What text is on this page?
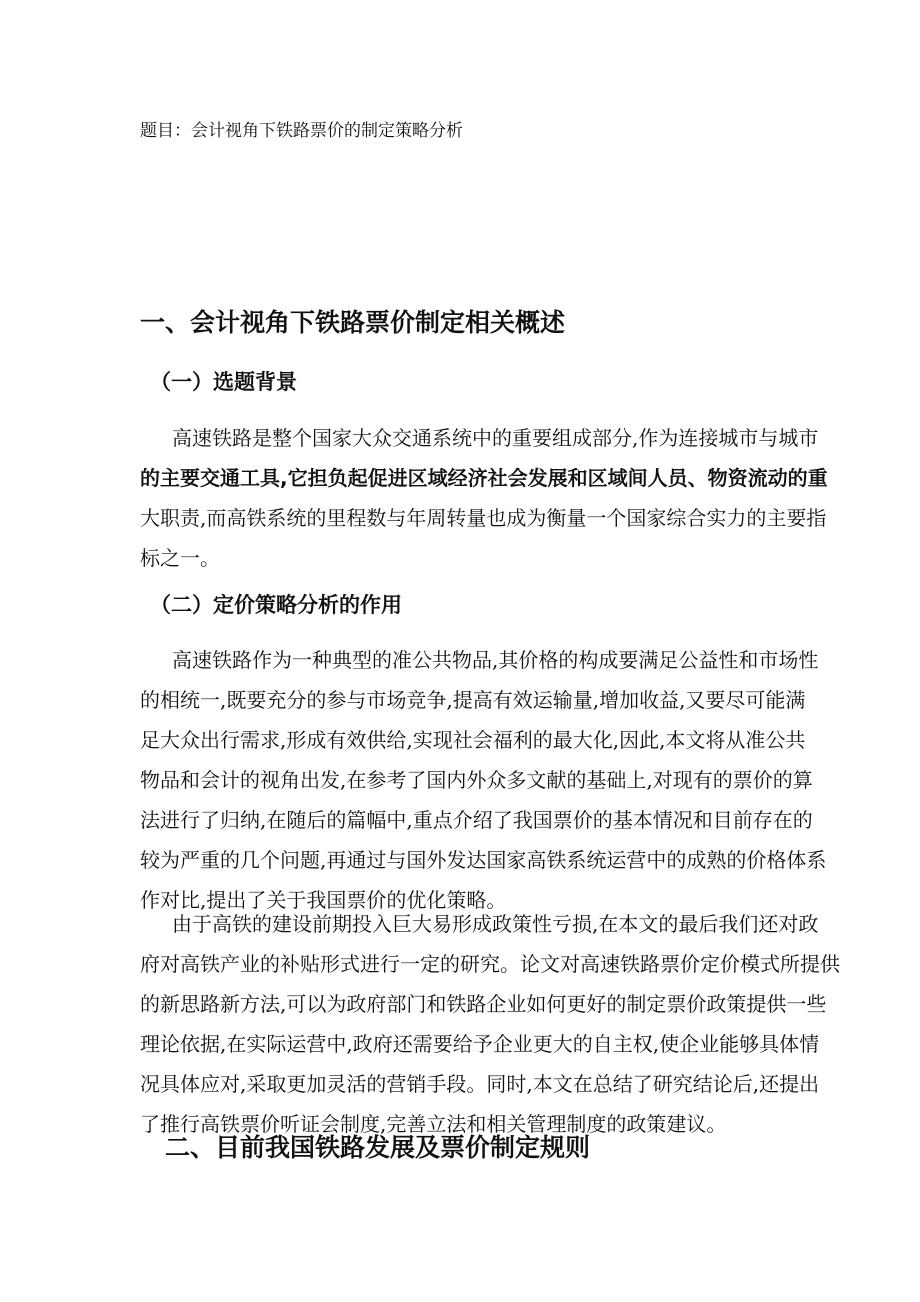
题目：会计视角下铁路票价的制定策略分析
一、会计视角下铁路票价制定相关概述
（一）选题背景
高速铁路是整个国家大众交通系统中的重要组成部分,作为连接城市与城市
的主要交通工具,它担负起促进区域经济社会发展和区域间人员、物资流动的重
大职责,而高铁系统的里程数与年周转量也成为衡量一个国家综合实力的主要指
标之一。
（二）定价策略分析的作用
高速铁路作为一种典型的准公共物品,其价格的构成要满足公益性和市场性
的相统一,既要充分的参与市场竞争,提高有效运输量,增加收益,又要尽可能满
足大众出行需求,形成有效供给,实现社会福利的最大化,因此,本文将从准公共
物品和会计的视角出发,在参考了国内外众多文献的基础上,对现有的票价的算
法进行了归纳,在随后的篇幅中,重点介绍了我国票价的基本情况和目前存在的
较为严重的几个问题,再通过与国外发达国家高铁系统运营中的成熟的价格体系
作对比,提出了关于我国票价的优化策略。
由于高铁的建设前期投入巨大易形成政策性亏损,在本文的最后我们还对政
府对高铁产业的补贴形式进行一定的研究。论文对高速铁路票价定价模式所提供
的新思路新方法,可以为政府部门和铁路企业如何更好的制定票价政策提供一些
理论依据,在实际运营中,政府还需要给予企业更大的自主权,使企业能够具体情
况具体应对,采取更加灵活的营销手段。同时,本文在总结了研究结论后,还提出
了推行高铁票价听证会制度,完善立法和相关管理制度的政策建议。
二、目前我国铁路发展及票价制定规则
